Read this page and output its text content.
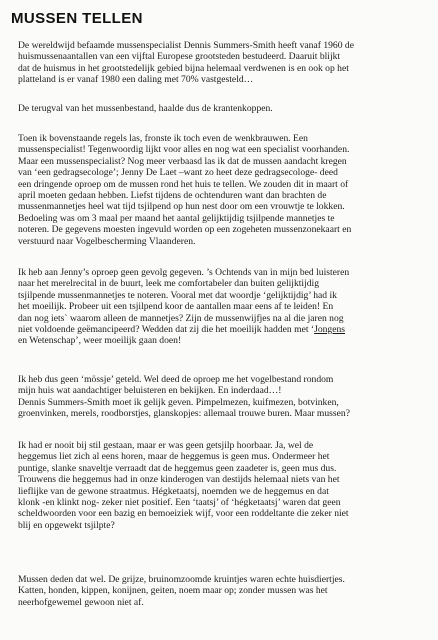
MUSSEN TELLEN

De wereldwijd befaamde mussenspecialist Dennis Summers-Smith heeft vanaf 1960 de
huismussenaantallen van een vijftal Europese grootsteden bestudeerd. Daaruit blijkt
dat de huismus in het grootstedelijk gebied bijna helemaal verdwenen is en ook op het
platteland is er vanaf 1980 een daling met 70% vastgesteld…

De terugval van het mussenbestand, haalde dus de krantenkoppen.

Toen ik bovenstaande regels las, fronste ik toch even de wenkbrauwen. Een
mussenspecialist! Tegenwoordig lijkt voor alles en nog wat een specialist voorhanden.
Maar een mussenspecialist? Nog meer verbaasd las ik dat de mussen aandacht kregen
van ‘een gedragsecologe’; Jenny De Laet –want zo heet deze gedragsecologe- deed
een dringende oproep om de mussen rond het huis te tellen. We zouden dit in maart of
april moeten gedaan hebben. Liefst tijdens de ochtenduren want dan brachten de
mussenmannetjes heel wat tijd tsjilpend op hun nest door om een vrouwtje te lokken.
Bedoeling was om 3 maal per maand het aantal gelijktijdig tsjilpende mannetjes te
noteren. De gegevens moesten ingevuld worden op een zogeheten mussenzonekaart en
verstuurd naar Vogelbescherming Vlaanderen.

Ik heb aan Jenny’s oproep geen gevolg gegeven. ’s Ochtends van in mijn bed luisteren
naar het merelrecital in de buurt, leek me comfortabeler dan buiten gelijktijdig
tsjilpende mussenmannetjes te noteren. Vooral met dat woordje ‘gelijktijdig’ had ik
het moeilijk. Probeer uit een tsjilpend koor de aantallen maar eens af te leiden! En
dan nog iets` waarom alleen de mannetjes? Zijn de mussenwijfjes na al die jaren nog
niet voldoende geëmancipeerd? Wedden dat zij die het moeilijk hadden met ‘Jongens
en Wetenschap’, weer moeilijk gaan doen!

Ik heb dus geen ‘mössje’ geteld. Wel deed de oproep me het vogelbestand rondom
mijn huis wat aandachtiger beluisteren en bekijken. En inderdaad…!
Dennis Summers-Smith moet ik gelijk geven. Pimpelmezen, kuifmezen, botvinken,
groenvinken, merels, roodborstjes, glanskopjes: allemaal trouwe buren. Maar mussen?

Ik had er nooit bij stil gestaan, maar er was geen getsjilp hoorbaar. Ja, wel de
heggemus liet zich al eens horen, maar de heggemus is geen mus. Ondermeer het
puntige, slanke snaveltje verraadt dat de heggemus geen zaadeter is, geen mus dus.
Trouwens die heggemus had in onze kinderogen van destijds helemaal niets van het
lieflijke van de gewone straatmus. Hégketaatsj, noemden we de heggemus en dat
klonk -en klinkt nog- zeker niet positief. Een ‘taatsj’ of ‘hégketaatsj’ waren dat geen
scheldwoorden voor een bazig en bemoeiziek wijf, voor een roddeltante die zeker niet
blij en opgewekt tsjilpte?

Mussen deden dat wel. De grijze, bruinomzoomde kruintjes waren echte huisdiertjes.
Katten, honden, kippen, konijnen, geiten, noem maar op; zonder mussen was het
neerhofgewemel gewoon niet af.
